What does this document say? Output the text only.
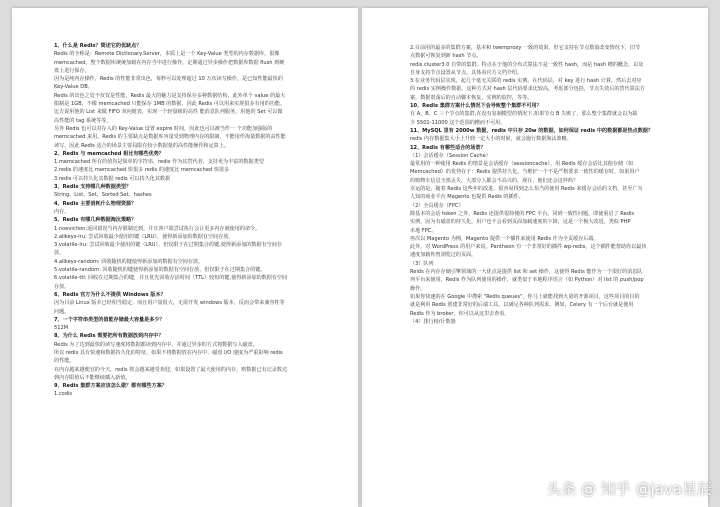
1、什么是 Redis？简述它的优缺点？
Redis 的全称是：Remote Dictionary.Server，本质上是一个 Key-Value 类型的内存数据库，很像
memcached，整个数据库统统加载在内存当中进行操作，定期通过异步操作把数据库数据 flush 到硬
盘上进行保存。
因为是纯内存操作，Redis 的性能非常出色，每秒可以处理超过 10 万次读写操作，是已知性能最快的
Key-Value DB。
Redis 的出色之处不仅仅是性能，Redis 最大的魅力是支持保存多种数据结构，此外单个 value 的最大
限制是 1GB，不像 memcached 只能保存 1MB 的数据，因此 Redis 可以用来实现很多有用的功能。
比方说用他的 List 来做 FIFO 双向链表，实现一个轻量级的高性 能消息队列服务，用他的 Set 可以做
高性能的 tag 系统等等。
另外 Redis 也可以对存入的 Key-Value 设置 expire 时间，因此也可以被当作一 个功能加强版的
memcached 来用。Redis 的主要缺点是数据库容量受到物理内存的限制，不能用作海量数据的高性能
读写，因此 Redis 适合的场景主要局限在较小数据量的高性能操作和运算上。
2、Redis 与 memcached 相比有哪些优势？
1.memcached 所有的值均是简单的字符串，redis 作为其替代者，支持更为丰富的数据类型
2.redis 的速度比 memcached 快很多 redis 的速度比 memcached 快很多
3.redis 可以持久化其数据 redis 可以持久化其数据
3、Redis 支持哪几种数据类型？
String、List、Set、Sorted Set、hashes
4、Redis 主要消耗什么物理资源？
内存。
5、Redis 有哪几种数据淘汰策略？
1.noeviction:返回错误当内存限制达到，并且客户端尝试执行会让更多内存被使用的命令。
2.allkeys-lru: 尝试回收最少使用的键（LRU），使得新添加的数据有空间存放。
3.volatile-lru: 尝试回收最少使用的键（LRU），但仅限于在过期集合的键,使得新添加的数据有空间存
放。
4.allkeys-random: 回收随机的键使得新添加的数据有空间存放。
5.volatile-random: 回收随机的键使得新添加的数据有空间存放，但仅限于在过期集合的键。
6.volatile-ttl: 回收在过期集合的键，并且优先回收存活时间（TTL）较短的键,使得新添加的数据有空间
存放。
6、Redis 官方为什么不提供 Windows 版本？
因为目前 Linux 版本已经相当稳定，而且用户量很大，无需开发 windows 版本，反而会带来兼容性等
问题。
7、一个字符串类型的值能存储最大容量是多少？
512M
8、为什么 Redis 需要把所有数据放到内存中？
Redis 为了达到最快的读写速度将数据都读到内存中，并通过异步的方式将数据写入磁盘。
所以 redis 具有快速和数据持久化的特征，如果不将数据放在内存中，磁盘 I/O 速度为严重影响 redis
的性能。
在内存越来越便宜的今天，redis 将会越来越受欢迎，如果设置了最大使用的内存，则数据已有记录数达
到内存限值后不能继续插入新值。
9、Redis 集群方案应该怎么做？都有哪些方案？
1.codis
2.目前用的最多的集群方案，基本和 twemproxy 一致的效果，但它支持在节点数量改变情况下，旧节
点数据可恢复到新 hash 节点。
redis cluster3.0 自带的集群，特点在于他的分布式算法不是一致性 hash，而是 hash 槽的概念，以及
自身支持节点设置从节点。具体看官方文档介绍。
3.在业务代码层实现，起几个毫无关联的 redis 实例，在代码层，对 key 进行 hash 计算，然后去对应
的 redis 实例操作数据。这种方式对 hash 层代码要求比较高，考虑部分包括，节点失效后的替代算法方
案，数据震荡后的自动脚本恢复，实例的监控，等等。
10、Redis 集群方案什么情况下会导致整个集群不可用？
有 A，B，C 三个节点的集群,在没有复制模型的情况下,如果节点 B 失败了，那么整个集群就会以为缺
少 5501-11000 这个范围的槽而不可用。
11、MySQL 里有 2000w 数据，redis 中只存 20w 的数据，如何保证 redis 中的数据都是热点数据？
redis 内存数据集大小上升到一定大小的时候，就会施行数据淘汰策略。
12、Redis 有哪些适合的场景？
（1）会话缓存（Session Cache）
最常用的一种使用 Redis 的情景是会话缓存（sessioncache），用 Redis 缓存会话比其他存储（如
Memcached）的优势在于：Redis 提供持久化。当维护一个不是严格要求一致性的缓存时，如果用户
的购物车信息全部丢失，大部分人都会不高兴的，现在，他们还会这样吗？
幸运的是，随着 Redis 这些年的改进，很容易找到怎么恰当的使用 Redis 来缓存会话的文档。甚至广为
人知的商业平台 Magento 也提供 Redis 的插件。
（2）全页缓存（FPC）
除基本的会话 token 之外，Redis 还提供很简便的 FPC 平台。回到一致性问题，即使重启了 Redis
实例，因为有磁盘的持久化，用户也不会看到页面加载速度的下降，这是一个极大改进，类似 PHP
本地 FPC。
再次以 Magento 为例，Magento 提供一个插件来使用 Redis 作为全页缓存后端。
此外，对 WordPress 的用户来说，Pantheon 有一个非常好的插件 wp-redis，这个插件能帮助你以最快
速度加载你曾浏览过的页面。
（3）队列
Reids 在内存存储引擎领域的一大优点是提供 list 和 set 操作，这使得 Redis 能作为一个很好的消息队
列平台来使用。Redis 作为队列使用的操作，就类似于本地程序语言（如 Python）对 list 的 push/pop
操作。
如果你快速的在 Google 中搜索 "Redis queues"，你马上就能找到大量的开源项目，这些项目的目的
就是利用 Redis 创建非常好的后端工具，以满足各种队列需求。例如，Celery 有一个后台就是使用
Redis 作为 broker，你可以从这里去查看。
（4）排行榜/计数器
头条 @ 知乎 @java星辰
